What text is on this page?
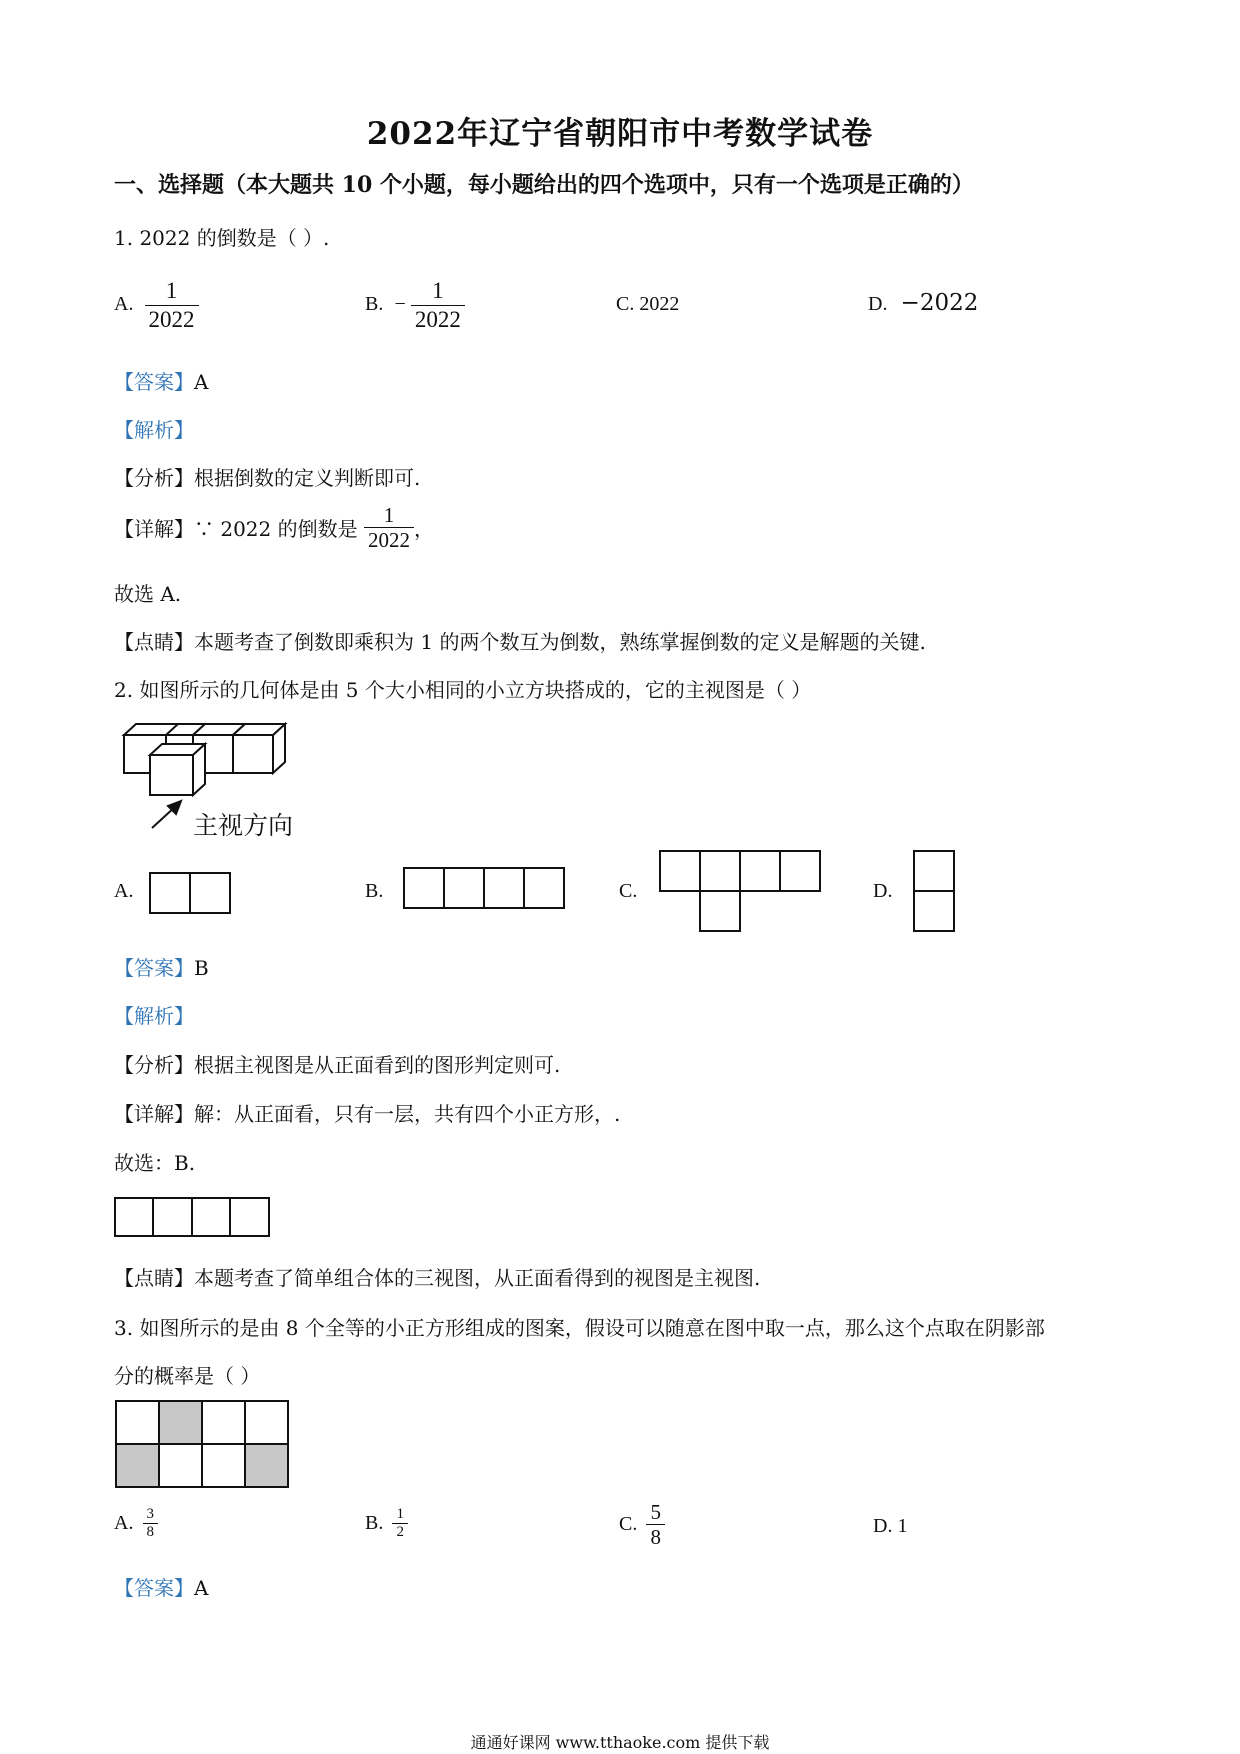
2022年辽宁省朝阳市中考数学试卷
一、选择题（本大题共 10 个小题，每小题给出的四个选项中，只有一个选项是正确的）
1. 2022 的倒数是（ ）.
A. $\frac{1}{2022}$	B. − $\frac{1}{2022}$	C. 2022	D. −2022
【答案】A
【解析】
【分析】根据倒数的定义判断即可.
【详解】∵ 2022 的倒数是 $\frac{1}{2022}$ ，
故选 A.
【点睛】本题考查了倒数即乘积为 1 的两个数互为倒数，熟练掌握倒数的定义是解题的关键.
2. 如图所示的几何体是由 5 个大小相同的小立方块搭成的，它的主视图是（ ）
主视方向
A.	B.	C.	D.
【答案】B
【解析】
【分析】根据主视图是从正面看到的图形判定则可.
【详解】解：从正面看，只有一层，共有四个小正方形，.
故选：B.
【点睛】本题考查了简单组合体的三视图，从正面看得到的视图是主视图.
3. 如图所示的是由 8 个全等的小正方形组成的图案，假设可以随意在图中取一点，那么这个点取在阴影部
分的概率是（ ）
A. $\frac{3}{8}$	B. $\frac{1}{2}$	C. $\frac{5}{8}$	D. 1
【答案】A
通通好课网 www.tthaoke.com 提供下载
